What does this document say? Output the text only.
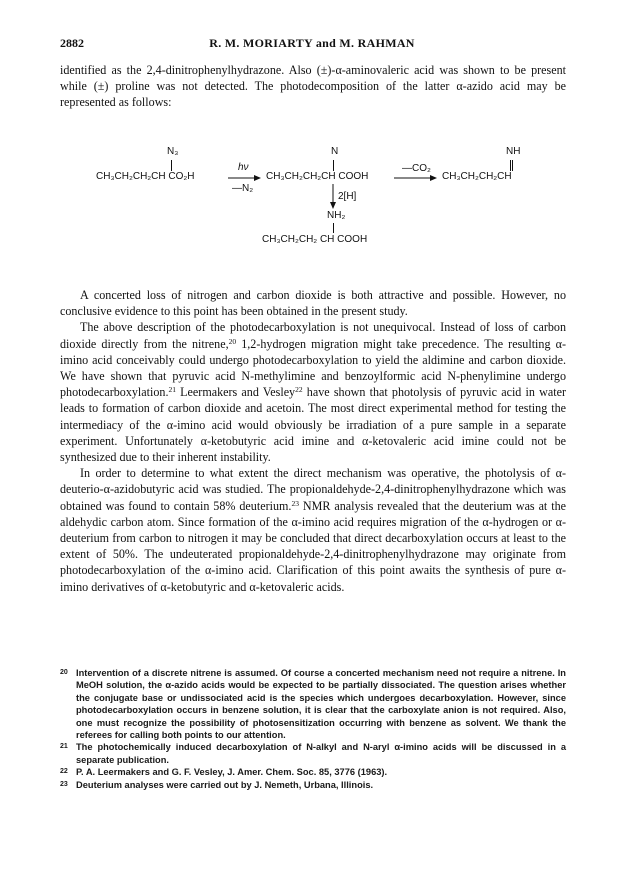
2882	R. M. MORIARTY and M. RAHMAN

identified as the 2,4-dinitrophenylhydrazone. Also (±)-α-aminovaleric acid was shown to be present while (±) proline was not detected. The photodecomposition of the latter α-azido acid may be represented as follows:

N₃
CH₃CH₂CH₂CH CO₂H
hν
—N₂
N
CH₃CH₂CH₂CH COOH
—CO₂
NH
CH₃CH₂CH₂CH
2[H]
NH₂
CH₃CH₂CH₂ CH COOH

A concerted loss of nitrogen and carbon dioxide is both attractive and possible. However, no conclusive evidence to this point has been obtained in the present study.

The above description of the photodecarboxylation is not unequivocal. Instead of loss of carbon dioxide directly from the nitrene,$^{20}$ 1,2-hydrogen migration might take precedence. The resulting α-imino acid conceivably could undergo photodecarboxylation to yield the aldimine and carbon dioxide. We have shown that pyruvic acid N-methylimine and benzoylformic acid N-phenylimine undergo photodecarboxylation.$^{21}$ Leermakers and Vesley$^{22}$ have shown that photolysis of pyruvic acid in water leads to formation of carbon dioxide and acetoin. The most direct experimental method for testing the intermediacy of the α-imino acid would obviously be irradiation of a pure sample in a separate experiment. Unfortunately α-ketobutyric acid imine and α-ketovaleric acid imine could not be synthesized due to their inherent instability.

In order to determine to what extent the direct mechanism was operative, the photolysis of α-deuterio-α-azidobutyric acid was studied. The propionaldehyde-2,4-dinitrophenylhydrazone which was obtained was found to contain 58% deuterium.$^{23}$ NMR analysis revealed that the deuterium was at the aldehydic carbon atom. Since formation of the α-imino acid requires migration of the α-hydrogen or α-deuterium from carbon to nitrogen it may be concluded that direct decarboxylation occurs at least to the extent of 50%. The undeuterated propionaldehyde-2,4-dinitrophenylhydrazone may originate from photodecarboxylation of the α-imino acid. Clarification of this point awaits the synthesis of pure α-imino derivatives of α-ketobutyric and α-ketovaleric acids.

20 Intervention of a discrete nitrene is assumed. Of course a concerted mechanism need not require a nitrene. In MeOH solution, the α-azido acids would be expected to be partially dissociated. The question arises whether the conjugate base or undissociated acid is the species which undergoes decarboxylation. However, since photodecarboxylation occurs in benzene solution, it is clear that the carboxylate anion is not required. Also, one must recognize the possibility of photosensitization occurring with benzene as solvent. We thank the referees for calling both points to our attention.

21 The photochemically induced decarboxylation of N-alkyl and N-aryl α-imino acids will be discussed in a separate publication.

22 P. A. Leermakers and G. F. Vesley, J. Amer. Chem. Soc. 85, 3776 (1963).

23 Deuterium analyses were carried out by J. Nemeth, Urbana, Illinois.
